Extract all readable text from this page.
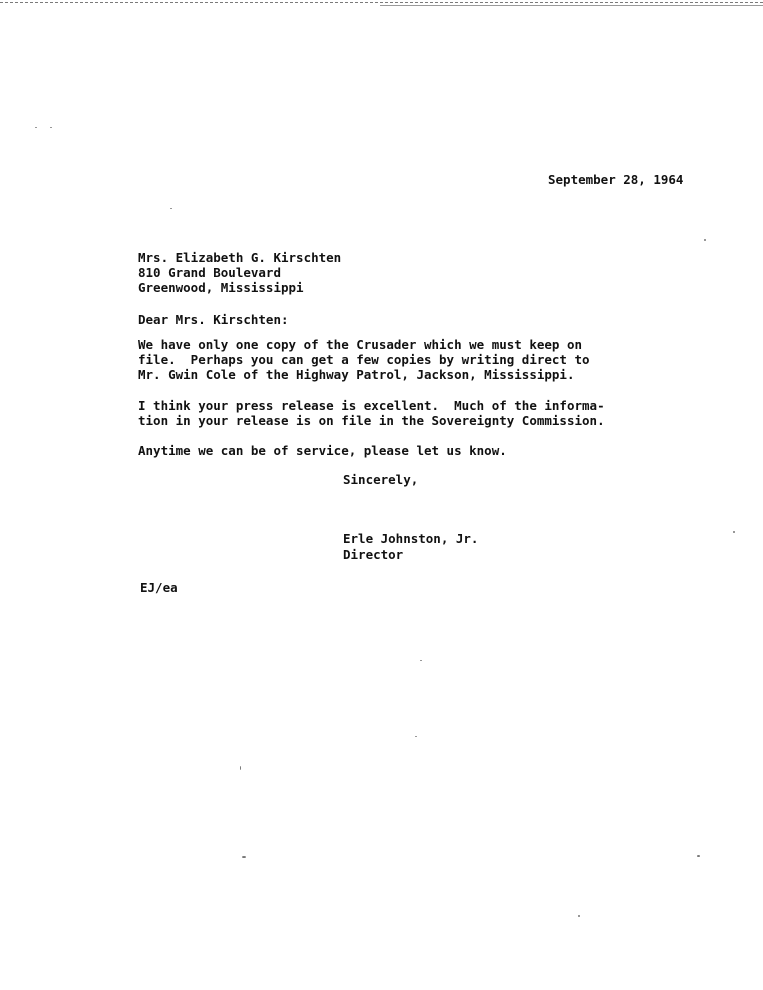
September 28, 1964
Mrs. Elizabeth G. Kirschten
810 Grand Boulevard
Greenwood, Mississippi
Dear Mrs. Kirschten:
We have only one copy of the Crusader which we must keep on
file.  Perhaps you can get a few copies by writing direct to
Mr. Gwin Cole of the Highway Patrol, Jackson, Mississippi.
I think your press release is excellent.  Much of the informa-
tion in your release is on file in the Sovereignty Commission.
Anytime we can be of service, please let us know.
Sincerely,
Erle Johnston, Jr.
Director
EJ/ea
